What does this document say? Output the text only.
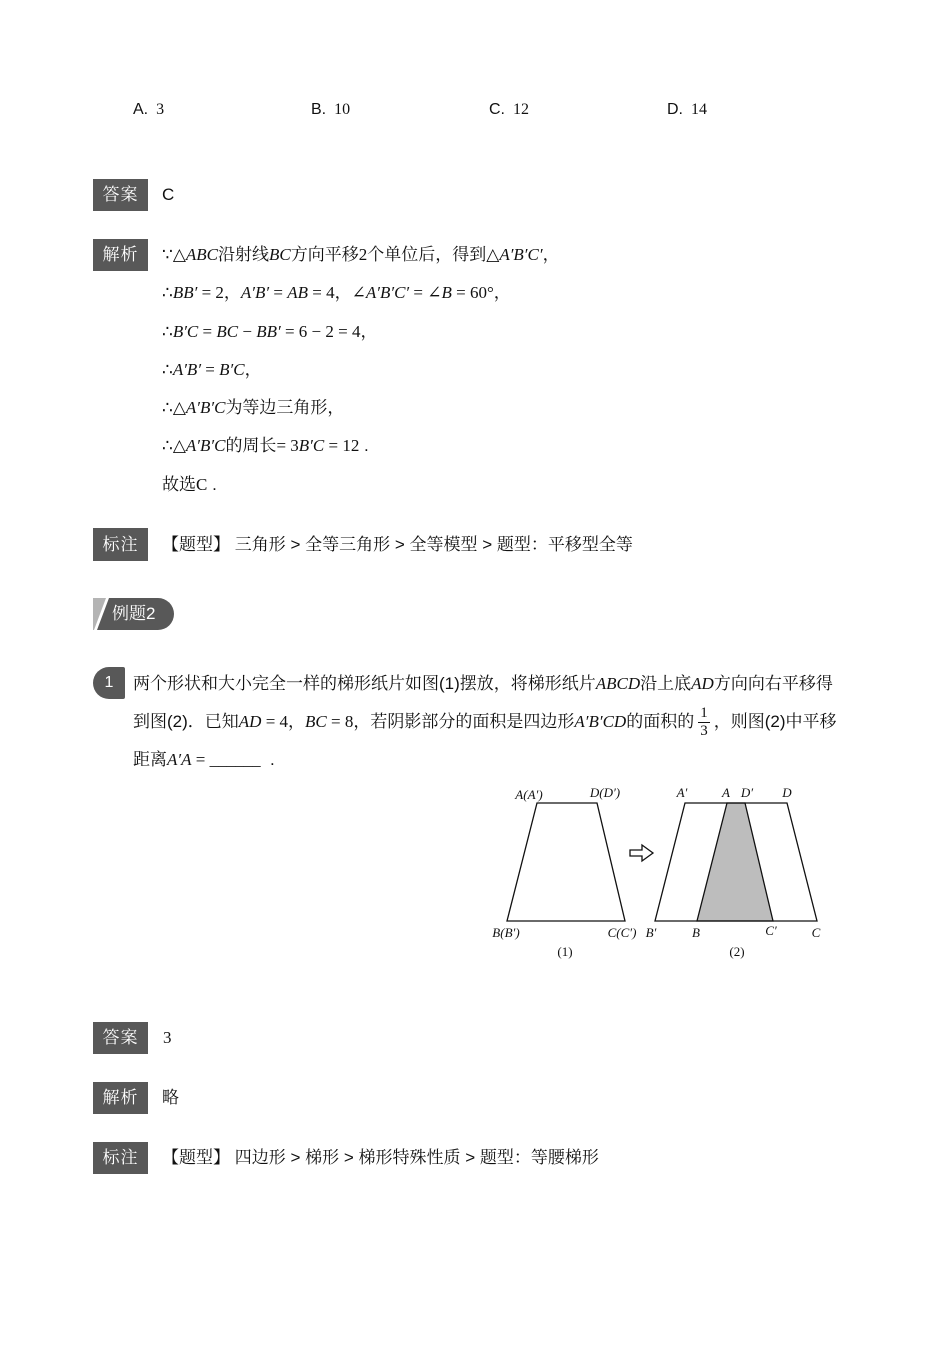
A. 3	B. 10	C. 12	D. 14
答案	C
解析	∵△ABC沿射线BC方向平移2个单位后，得到△A′B′C′，
∴BB′ = 2，A′B′ = AB = 4，∠A′B′C′ = ∠B = 60°，
∴B′C = BC − BB′ = 6 − 2 = 4，
∴A′B′ = B′C，
∴△A′B′C为等边三角形，
∴△A′B′C的周长= 3B′C = 12 .
故选C .
标注	【题型】 三角形 > 全等三角形 > 全等模型 > 题型：平移型全等
例题2
1	两个形状和大小完全一样的梯形纸片如图(1)摆放，将梯形纸片ABCD沿上底AD方向向右平移得
到图(2)．已知AD = 4，BC = 8，若阴影部分的面积是四边形A′B′CD的面积的 $\frac{1}{3}$ ，则图(2)中平移
距离A′A = ______  .
A(A′)	D(D′)
B(B′)	C(C′)
(1)
A′	A D′ D
B′	B	C′	C
(2)
答案	3
解析	略
标注	【题型】 四边形 > 梯形 > 梯形特殊性质 > 题型：等腰梯形
